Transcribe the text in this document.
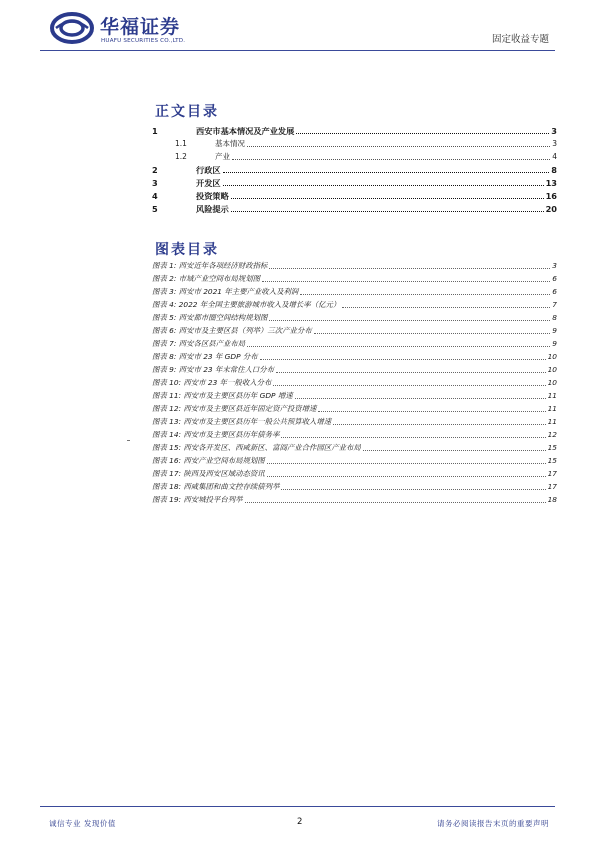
华福证券
HUAFU SECURITIES CO.,LTD.	固定收益专题
正文目录
1	西安市基本情况及产业发展	3
1.1	基本情况	3
1.2	产业	4
2	行政区	8
3	开发区	13
4	投资策略	16
5	风险提示	20
图表目录
图表 1: 西安近年各项经济财政指标	3
图表 2: 市域产业空间布局规划图	6
图表 3: 西安市 2021 年主要产业收入及利润	6
图表 4: 2022 年全国主要旅游城市收入及增长率（亿元）	7
图表 5: 西安都市圈空间结构规划图	8
图表 6: 西安市及主要区县（列举）三次产业分布	9
图表 7: 西安各区县产业布局	9
图表 8: 西安市 23 年 GDP 分布	10
图表 9: 西安市 23 年末常住人口分布	10
图表 10: 西安市 23 年一般收入分布	10
图表 11: 西安市及主要区县历年 GDP 增速	11
图表 12: 西安市及主要区县近年固定资产投资增速	11
图表 13: 西安市及主要区县历年一般公共预算收入增速	11
图表 14: 西安市及主要区县历年债务率	12
图表 15: 西安各开发区、西咸新区、富阎产业合作园区产业布局	15
图表 16: 西安产业空间布局规划图	15
图表 17: 陕西及西安区域动态资讯	17
图表 18: 西咸集团和曲文控存续债列举	17
图表 19: 西安城投平台列举	18
诚信专业 发现价值	2	请务必阅读报告末页的重要声明
